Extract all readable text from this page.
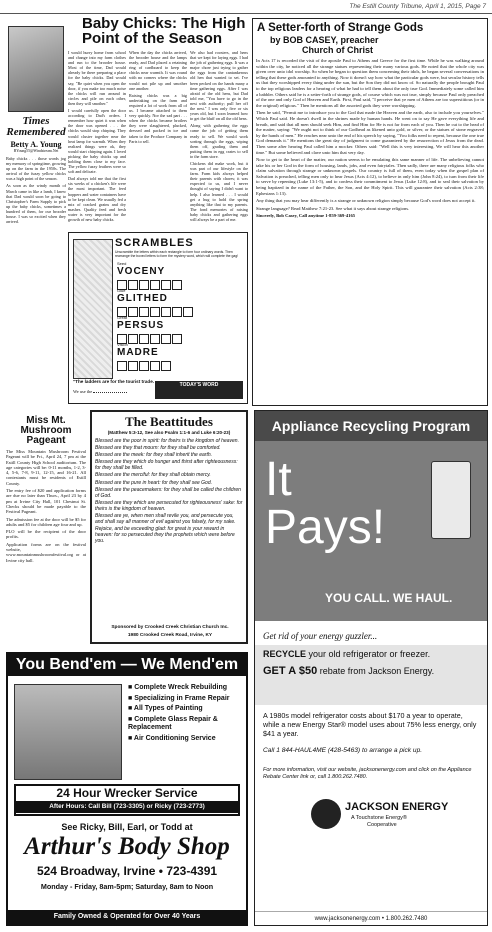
The Estill County Tribune, April 1, 2015, Page 7
Times Remembered
Betty A. Young
BYoung55@Windstream.Net

Baby chicks . . . those words jog my memory of springtime, growing up on the farm in the 1950s. The arrival of the fuzzy yellow chicks was a high point of the season.

As soon as the windy month of March came in like a lamb, I knew that Dad would soon be going to Christopher's Farm Supply to pick up the baby chicks, sometimes a hundred of them, for our brooder house. I was so excited when they arrived.

Baby Chicks: The High Point of the Season

I would hurry home from school and change into my farm clothes and run to the brooder house. Most of the time, Dad would already be there preparing a place for the baby chicks. Dad would say, "Be quiet when you open the door, if you make too much noise the chicks will run around in circles and pile on each other, then they will smother."

I would carefully open the door according to Dad's orders. I remember how quiet it was when the door was opened . . . the chicks would stop chirping. They would cluster together near the heat lamp for warmth. When they realized things were ok, they would start chirping again. I loved picking the baby chicks up and holding them close to my face. The yellow fuzzy feathers were so soft and delicate.

Dad always told me that the first six weeks of a chicken's life were the most important. The feed hoppers and water containers have to be kept clean. We usually fed a mix of cracked grains and dry mashes. Quality feed and fresh water is very important for the growth of new baby chicks.

When the day the chicks arrived, the brooder house and the lamps ready, and Dad placed a retaining ring of cardboard to keep the chicks near warmth. It was round with no corners where the chicks would not pile up and smother one another.

Raising chicks was a big undertaking on the farm and required a lot of work from all of us. I became attached to them very quickly. Nor the sad part . . . when the chicks became broilers they were slaughtered, plucked, dressed and packed in ice and taken to the Produce Company in Paris to sell.

We also had roosters, and hens that we kept for laying eggs. I had the job of gathering eggs. It was a major chore just trying to gather the eggs from the cantankerous old hen that wanted to set. I've been pecked on the hands many a time gathering eggs. After I was afraid of the old hens, but Dad told me, "You have to go in the nest with authority; pull her off the nest." I was only five or six years old, but I soon learned how to get the bluff on all the old hens.

Along with gathering the eggs came the job of getting them ready to sell. We would work sorting through the eggs, wiping them off, grading them and putting them in egg crates to sell to the farm store.

Chickens did make work, but it was part of our lifestyle on the farm. Farm kids always helped their parents with chores; it was expected to us, and I never thought of saying I didn't want to help. I also learned . . . I would get a hug to hold the spring anything like that to my parents. The fond memories of raising baby chicks and gathering eggs will always be a part of me.

SCRAMBLES
Unscramble the letters within each rectangle to form four ordinary words. Then rearrange the boxed letters to form the mystery word, which will complete the gag!
Seed
VOCENY
Glue
GLITHED
Great
PERSUS
Vision
MADRE
"The ladders are for the tourist trade.
We use the
TODAY'S WORD
A Setter-forth of Strange Gods
by BOB CASEY, preacher
Church of Christ

In Acts 17 is recorded the visit of the apostle Paul to Athens and Greece for the first time. While he was walking around within the city, he noticed all the strange statues representing their many various gods. He noted that the whole city was given over unto idol worship. So when he began to question them concerning their idols, he began several conversations in telling that these gods amounted to anything. Now it doesn't say how what the particular gods were, but secular history tells us that they worshipped every thing under the sun, but the Son they did not know of. So naturally the people brought Paul to the top religious leaders for a hearing of what he had to tell them about the only true God. Immediately some called him a babbler. Others said he is a setter-forth of strange gods, of course which was not true, simply because Paul only preached of the one and only God of Heaven and Earth. First, Paul said, "I perceive that ye men of Athens are too superstitious (or in the original) religious." Then he mentions all the assorted gods they were worshipping.

Then he said, "Permit me to introduce you to the God that made the Heaven and the earth, also to include you yourselves." Which Paul said. He doesn't dwell in the shrines made by human hands. He went on to say He gave everything life and breath, and said that all men should seek Him, and find Him for He is not far from each of you. Then he cut to the head of the matter, saying: "We ought not to think of our Godhead as likened unto gold, or silver, or the statues of stone engraved by the hands of men." He reaches near unto the end of his speech by saying, "You folks need to repent, because the one true God demands it." He mentions the great day of judgment to come guaranteed by the resurrection of Jesus from the dead. Then some after hearing Paul called him a mocker. Others said: "Well this is very interesting. We will hear this another time." But some believed and clave unto him that very day.

Now to get to the heart of the matter, our nation seems to be emulating this same manner of life. The unbelieving cannot take his or her God in the form of housing, lands, jobs, and even fairytales. Then sadly, there are many religious folks who claim salvation through strange or unknown gospels. Our country is full of them, even today when the gospel plan of Salvation is preached, telling men only to hear Jesus (Acts 4:12), to believe in only him (John 8:24), to turn from their life to serve by repenting (Luke 13:1-5), and to confess their commitment to Jesus (Luke 12:8), and to seal their salvation by being baptized in the name of the Father, the Son, and the Holy Spirit. This will guarantee their salvation (Acts 2:38; Ephesians 1:13).

Any thing that you may hear differently is a strange or unknown religion simply because God's word does not accept it.

Strange language? Read Matthew 7:21-23. See what it says about strange religions.

Sincerely, Bob Casey, Call anytime 1-859-369-4165

Miss Mt. Mushroom Pageant

The Miss Mountain Mushroom Festival Pageant will be Fri., April 24, 7 pm at the Estill County High School auditorium. The age categories will be: 0-11 months, 1-2, 3-4, 5-6, 7-8, 9-11, 12-15, and 16-21. All contestants must be residents of Estill County.

The entry fee of $20 and application forms are due no later than Thurs., April 23 by 4 pm at Irvine City Hall, 101 Chestnut St. Checks should be made payable to the Festival Pageant.

The admission fee at the door will be $5 for adults and $5 for children age four and up.

PLO will be the recipient of the door profits.

Application forms are on the festival website, www.mountainmushroomfestival.org or at Irvine city hall.

The Beattitudes
(Matthew 5:3-12, See also Psalm 1:1-6 and Luke 6:20-23)

Blessed are the poor in spirit: for theirs is the kingdom of heaven.

Blessed are they that mourn: for they shall be comforted.

Blessed are the meek: for they shall inherit the earth.

Blessed are they which do hunger and thirst after righteousness: for they shall be filled.

Blessed are the merciful: for they shall obtain mercy.

Blessed are the pure in heart: for they shall see God.

Blessed are the peacemakers: for they shall be called the children of God.

Blessed are they which are persecuted for righteousness' sake: for theirs is the kingdom of heaven.

Blessed are ye, when men shall revile you, and persecute you, and shall say all manner of evil against you falsely, for my sake.

Rejoice, and be exceeding glad: for great is your reward in heaven: for so persecuted they the prophets which were before you.

Sponsored by Crooked Creek Christian Church Inc.
1980 Crooked Creek Road, Irvine, KY
You Bend'em — We Mend'em
■ Complete Wreck Rebuilding
■ Specializing in Frame Repair
■ All Types of Painting
■ Complete Glass Repair & Replacement
■ Air Conditioning Service
24 Hour Wrecker Service
After Hours: Call Bill (723-3305) or Ricky (723-2773)
See Ricky, Bill, Earl, or Todd at
Arthur's Body Shop
524 Broadway, Irvine • 723-4391
Monday - Friday, 8am-5pm; Saturday, 8am to Noon
Family Owned & Operated for Over 40 Years
Appliance Recycling Program
It
Pays!
YOU CALL. WE HAUL.
Get rid of your energy guzzler...
RECYCLE your old refrigerator or freezer.
GET A $50 rebate from Jackson Energy.
A 1980s model refrigerator costs about $170 a year to operate, while a new Energy Star® model uses about 75% less energy, only $41 a year.
Call 1 844-HAUL4ME (428-5463) to arrange a pick up.
For more information, visit our website, jacksonenergy.com and click on the Appliance Rebate Center link or, call 1.800.262.7480.
JACKSON ENERGY
A Touchstone Energy®
Cooperative
www.jacksonenergy.com • 1.800.262.7480
